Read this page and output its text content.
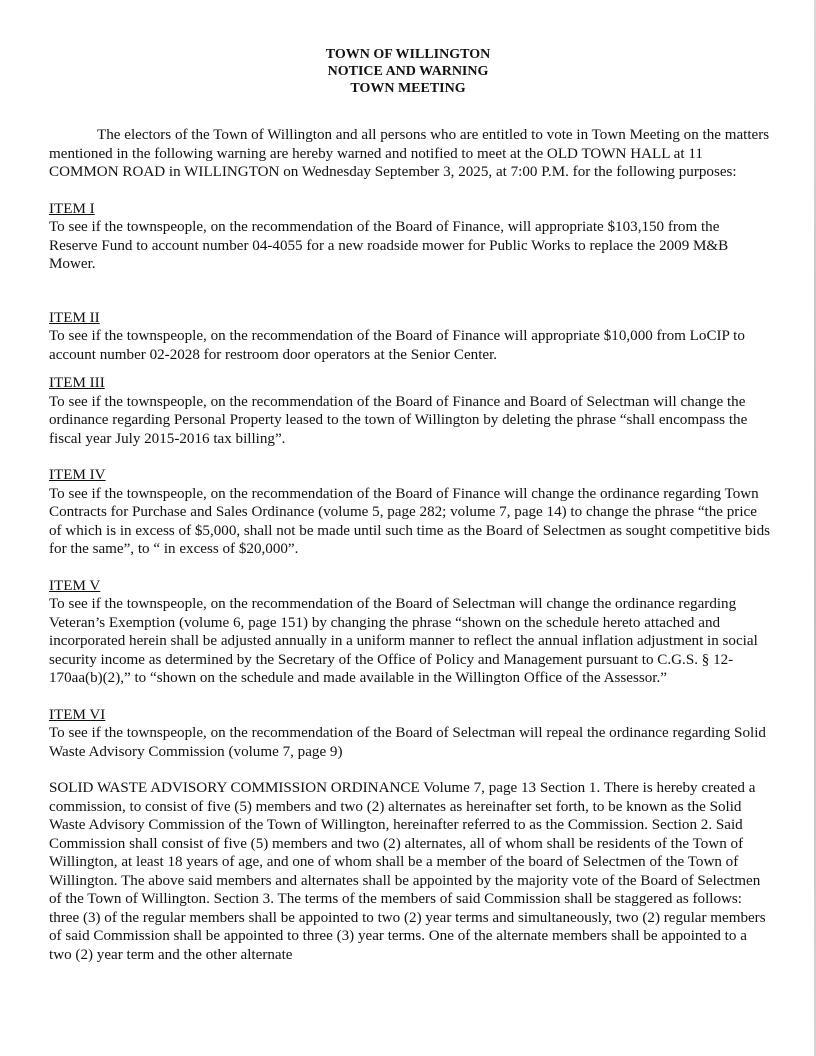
TOWN OF WILLINGTON
NOTICE AND WARNING
TOWN MEETING

The electors of the Town of Willington and all persons who are entitled to vote in Town Meeting on the matters mentioned in the following warning are hereby warned and notified to meet at the OLD TOWN HALL at 11 COMMON ROAD in WILLINGTON on Wednesday September 3, 2025, at 7:00 P.M. for the following purposes:

ITEM I

To see if the townspeople, on the recommendation of the Board of Finance, will appropriate $103,150 from the Reserve Fund to account number 04-4055 for a new roadside mower for Public Works to replace the 2009 M&B Mower.

ITEM II

To see if the townspeople, on the recommendation of the Board of Finance will appropriate $10,000 from LoCIP to account number 02-2028 for restroom door operators at the Senior Center.

ITEM III

To see if the townspeople, on the recommendation of the Board of Finance and Board of Selectman will change the ordinance regarding Personal Property leased to the town of Willington by deleting the phrase “shall encompass the fiscal year July 2015-2016 tax billing”.

ITEM IV

To see if the townspeople, on the recommendation of the Board of Finance will change the ordinance regarding Town Contracts for Purchase and Sales Ordinance (volume 5, page 282; volume 7, page 14) to change the phrase “the price of which is in excess of $5,000, shall not be made until such time as the Board of Selectmen as sought competitive bids for the same”, to “ in excess of $20,000”.

ITEM V

To see if the townspeople, on the recommendation of the Board of Selectman will change the ordinance regarding Veteran’s Exemption (volume 6, page 151) by changing the phrase “shown on the schedule hereto attached and incorporated herein shall be adjusted annually in a uniform manner to reflect the annual inflation adjustment in social security income as determined by the Secretary of the Office of Policy and Management pursuant to C.G.S. § 12-170aa(b)(2),” to “shown on the schedule and made available in the Willington Office of the Assessor.”

ITEM VI

To see if the townspeople, on the recommendation of the Board of Selectman will repeal the ordinance regarding Solid Waste Advisory Commission (volume 7, page 9)

SOLID WASTE ADVISORY COMMISSION ORDINANCE Volume 7, page 13 Section 1. There is hereby created a commission, to consist of five (5) members and two (2) alternates as hereinafter set forth, to be known as the Solid Waste Advisory Commission of the Town of Willington, hereinafter referred to as the Commission. Section 2. Said Commission shall consist of five (5) members and two (2) alternates, all of whom shall be residents of the Town of Willington, at least 18 years of age, and one of whom shall be a member of the board of Selectmen of the Town of Willington. The above said members and alternates shall be appointed by the majority vote of the Board of Selectmen of the Town of Willington. Section 3. The terms of the members of said Commission shall be staggered as follows: three (3) of the regular members shall be appointed to two (2) year terms and simultaneously, two (2) regular members of said Commission shall be appointed to three (3) year terms. One of the alternate members shall be appointed to a two (2) year term and the other alternate
